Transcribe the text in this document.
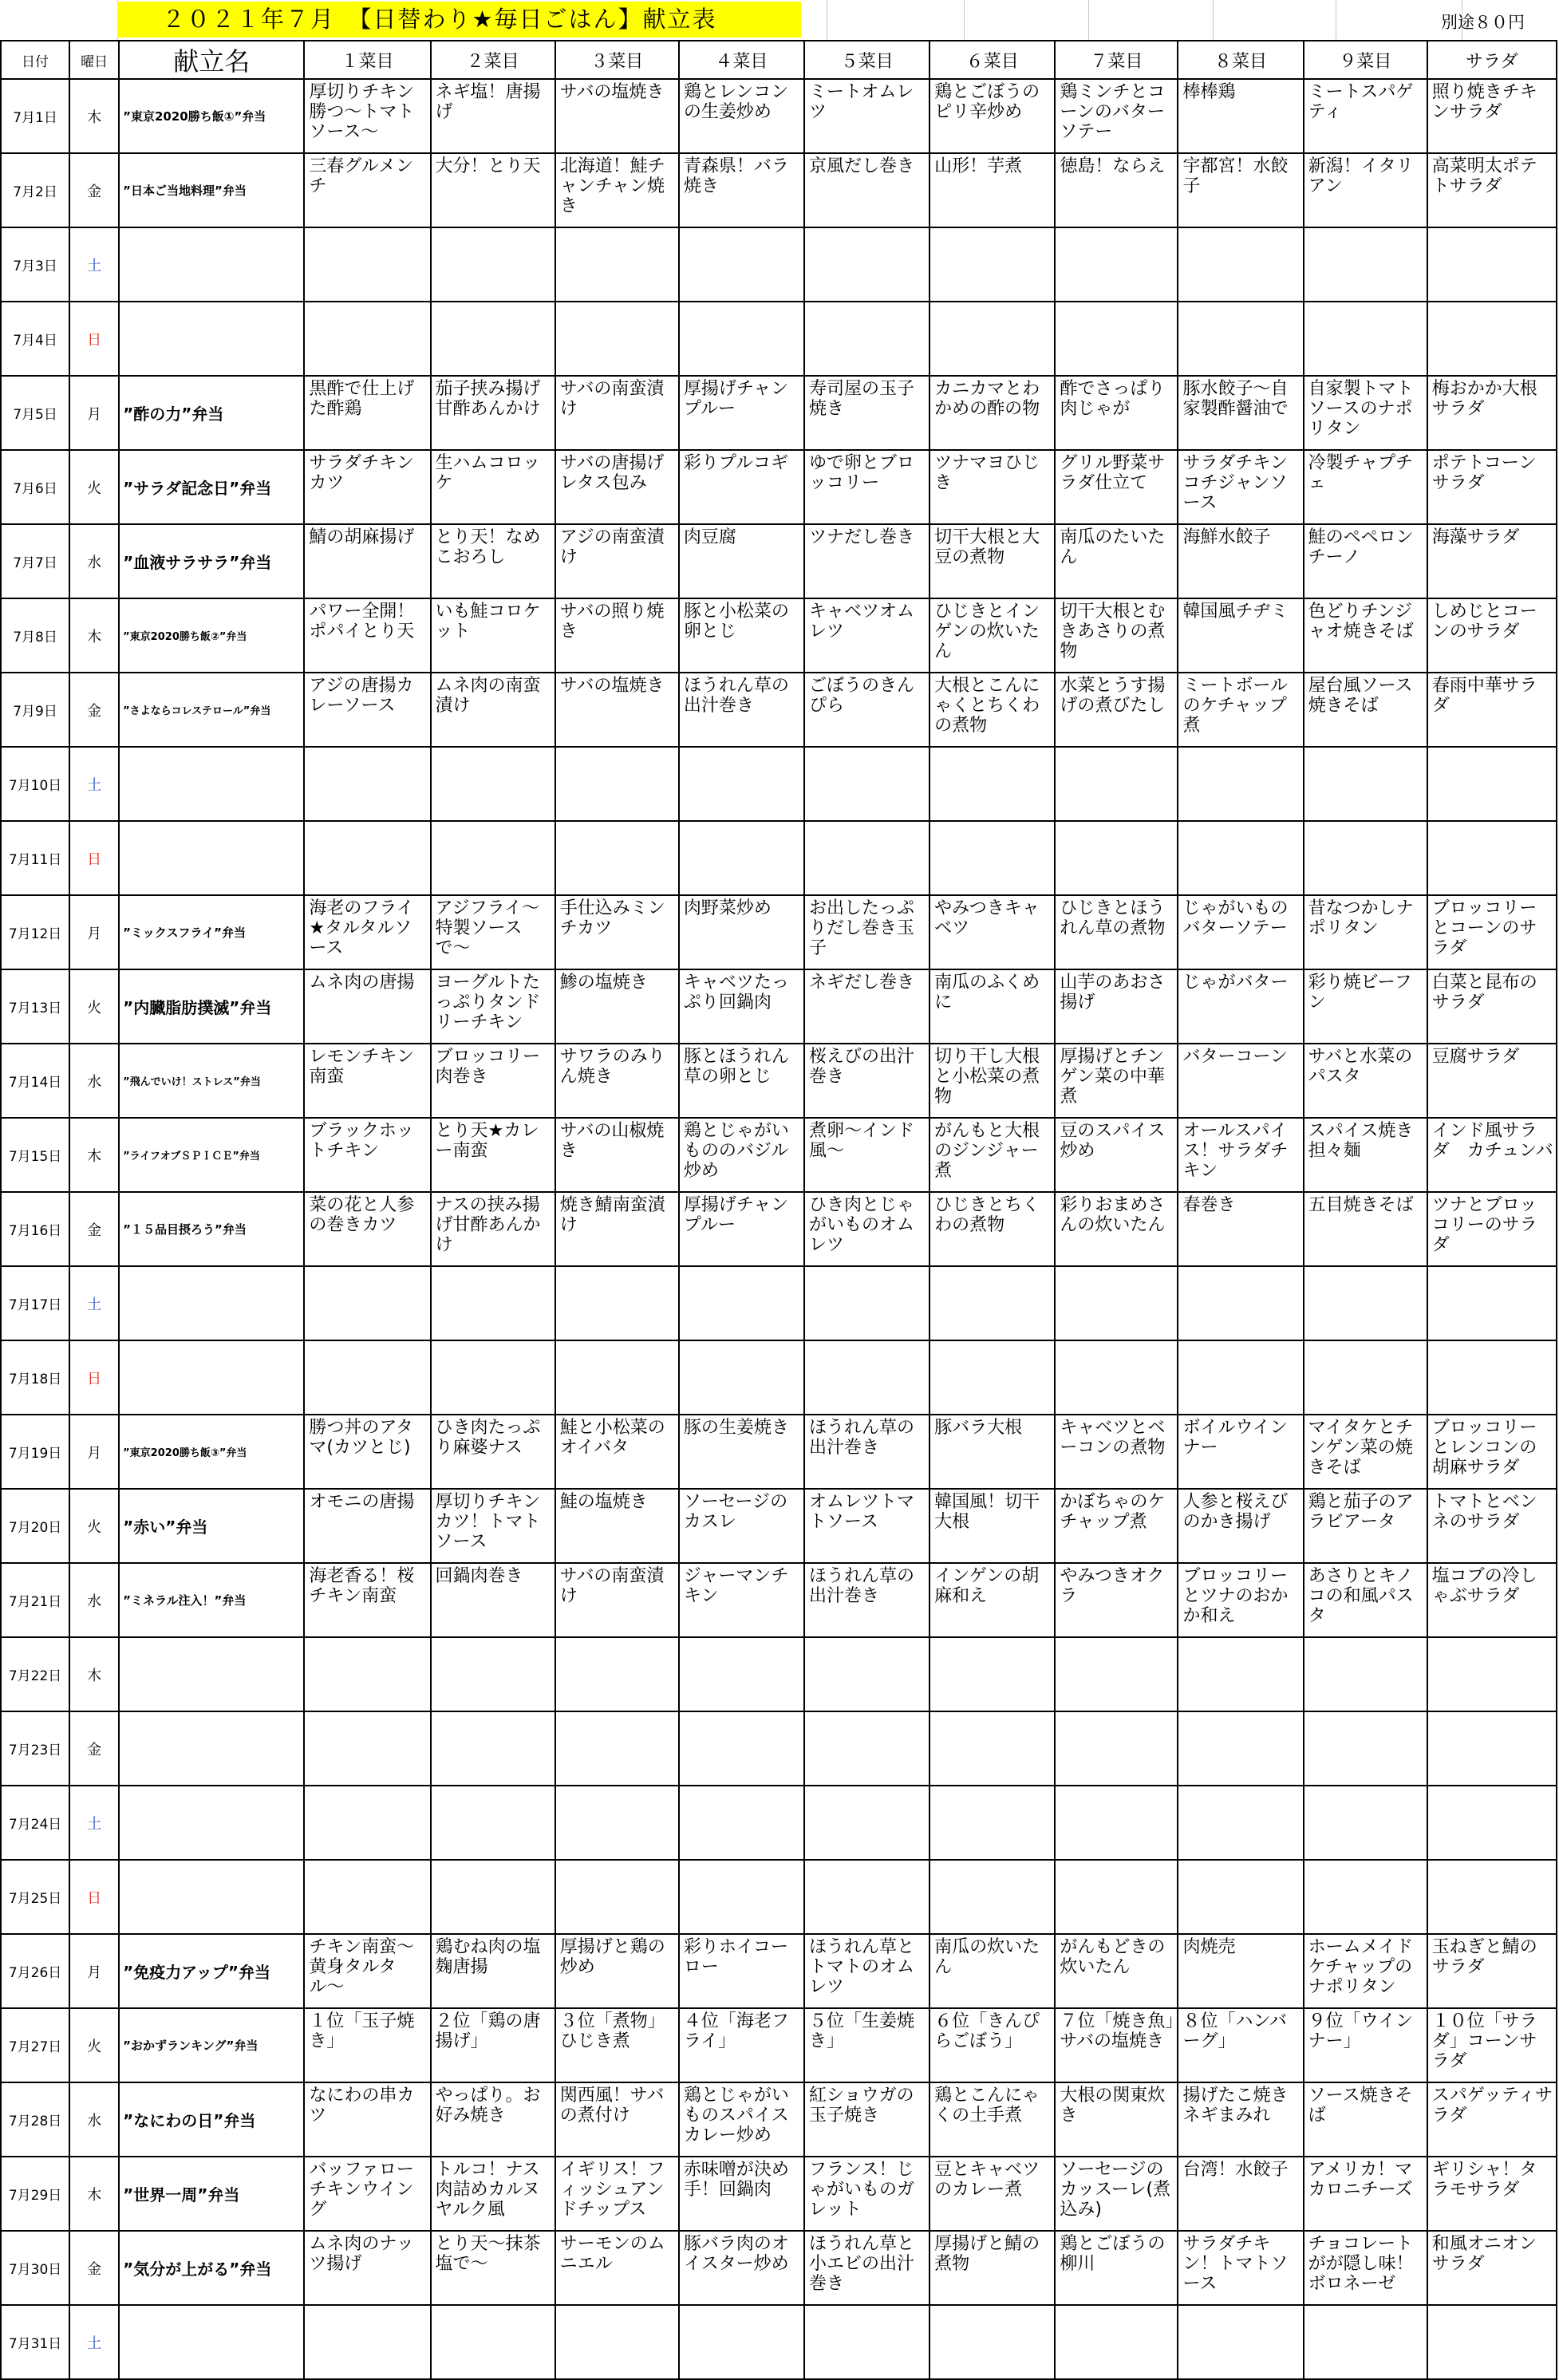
２０２１年７月　【日替わり★毎日ごはん】献立表	別途８０円
日付	曜日	献立名	１菜目	２菜目	３菜目	４菜目	５菜目	６菜目	７菜目	８菜目	９菜目	サラダ
7月1日	木	”東京2020勝ち飯①”弁当	厚切りチキン勝つ〜トマトソース〜	ネギ塩！唐揚げ	サバの塩焼き	鶏とレンコンの生姜炒め	ミートオムレツ	鶏とごぼうのピリ辛炒め	鶏ミンチとコーンのバターソテー	棒棒鶏	ミートスパゲティ	照り焼きチキンサラダ
7月2日	金	”日本ご当地料理”弁当	三春グルメンチ	大分！とり天	北海道！鮭チャンチャン焼き	青森県！バラ焼き	京風だし巻き	山形！芋煮	徳島！ならえ	宇都宮！水餃子	新潟！イタリアン	高菜明太ポテトサラダ
7月3日	土											
7月4日	日											
7月5日	月	”酢の力”弁当	黒酢で仕上げた酢鶏	茄子挟み揚げ甘酢あんかけ	サバの南蛮漬け	厚揚げチャンプルー	寿司屋の玉子焼き	カニカマとわかめの酢の物	酢でさっぱり肉じゃが	豚水餃子〜自家製酢醤油で	自家製トマトソースのナポリタン	梅おかか大根サラダ
7月6日	火	”サラダ記念日”弁当	サラダチキンカツ	生ハムコロッケ	サバの唐揚げレタス包み	彩りプルコギ	ゆで卵とブロッコリー	ツナマヨひじき	グリル野菜サラダ仕立て	サラダチキンコチジャンソース	冷製チャプチェ	ポテトコーンサラダ
7月7日	水	”血液サラサラ”弁当	鯖の胡麻揚げ	とり天！なめこおろし	アジの南蛮漬け	肉豆腐	ツナだし巻き	切干大根と大豆の煮物	南瓜のたいたん	海鮮水餃子	鮭のペペロンチーノ	海藻サラダ
7月8日	木	”東京2020勝ち飯②”弁当	パワー全開！ポパイとり天	いも鮭コロケット	サバの照り焼き	豚と小松菜の卵とじ	キャベツオムレツ	ひじきとインゲンの炊いたん	切干大根とむきあさりの煮物	韓国風チヂミ	色どりチンジャオ焼きそば	しめじとコーンのサラダ
7月9日	金	”さよならコレステロール”弁当	アジの唐揚カレーソース	ムネ肉の南蛮漬け	サバの塩焼き	ほうれん草の出汁巻き	ごぼうのきんぴら	大根とこんにゃくとちくわの煮物	水菜とうす揚げの煮びたし	ミートボールのケチャップ煮	屋台風ソース焼きそば	春雨中華サラダ
7月10日	土											
7月11日	日											
7月12日	月	”ミックスフライ”弁当	海老のフライ★タルタルソース	アジフライ〜特製ソースで〜	手仕込みミンチカツ	肉野菜炒め	お出したっぷりだし巻き玉子	やみつきキャベツ	ひじきとほうれん草の煮物	じゃがいものバターソテー	昔なつかしナポリタン	ブロッコリーとコーンのサラダ
7月13日	火	”内臓脂肪撲滅”弁当	ムネ肉の唐揚	ヨーグルトたっぷりタンドリーチキン	鯵の塩焼き	キャベツたっぷり回鍋肉	ネギだし巻き	南瓜のふくめに	山芋のあおさ揚げ	じゃがバター	彩り焼ビーフン	白菜と昆布のサラダ
7月14日	水	”飛んでいけ！ストレス”弁当	レモンチキン南蛮	ブロッコリー肉巻き	サワラのみりん焼き	豚とほうれん草の卵とじ	桜えびの出汁巻き	切り干し大根と小松菜の煮物	厚揚げとチンゲン菜の中華煮	バターコーン	サバと水菜のパスタ	豆腐サラダ
7月15日	木	”ライフオブＳＰＩＣＥ”弁当	ブラックホットチキン	とり天★カレー南蛮	サバの山椒焼き	鶏とじゃがいもののバジル炒め	煮卵〜インド風〜	がんもと大根のジンジャー煮	豆のスパイス炒め	オールスパイス！サラダチキン	スパイス焼き担々麺	インド風サラダ　カチュンバ
7月16日	金	”１５品目摂ろう”弁当	菜の花と人参の巻きカツ	ナスの挟み揚げ甘酢あんかけ	焼き鯖南蛮漬け	厚揚げチャンプルー	ひき肉とじゃがいものオムレツ	ひじきとちくわの煮物	彩りおまめさんの炊いたん	春巻き	五目焼きそば	ツナとブロッコリーのサラダ
7月17日	土											
7月18日	日											
7月19日	月	”東京2020勝ち飯③”弁当	勝つ丼のアタマ(カツとじ)	ひき肉たっぷり麻婆ナス	鮭と小松菜のオイバタ	豚の生姜焼き	ほうれん草の出汁巻き	豚バラ大根	キャベツとベーコンの煮物	ボイルウインナー	マイタケとチンゲン菜の焼きそば	ブロッコリーとレンコンの胡麻サラダ
7月20日	火	”赤い”弁当	オモニの唐揚	厚切りチキンカツ！トマトソース	鮭の塩焼き	ソーセージのカスレ	オムレツトマトソース	韓国風！切干大根	かぼちゃのケチャップ煮	人参と桜えびのかき揚げ	鶏と茄子のアラビアータ	トマトとベンネのサラダ
7月21日	水	”ミネラル注入！”弁当	海老香る！桜チキン南蛮	回鍋肉巻き	サバの南蛮漬け	ジャーマンチキン	ほうれん草の出汁巻き	インゲンの胡麻和え	やみつきオクラ	ブロッコリーとツナのおかか和え	あさりとキノコの和風パスタ	塩コブの冷しゃぶサラダ
7月22日	木											
7月23日	金											
7月24日	土											
7月25日	日											
7月26日	月	”免疫力アップ”弁当	チキン南蛮〜黄身タルタル〜	鶏むね肉の塩麹唐揚	厚揚げと鶏の炒め	彩りホイコーロー	ほうれん草とトマトのオムレツ	南瓜の炊いたん	がんもどきの炊いたん	肉焼売	ホームメイドケチャップのナポリタン	玉ねぎと鯖のサラダ
7月27日	火	”おかずランキング”弁当	１位「玉子焼き」	２位「鶏の唐揚げ」	３位「煮物」ひじき煮	４位「海老フライ」	５位「生姜焼き」	６位「きんぴらごぼう」	７位「焼き魚」サバの塩焼き	８位「ハンバーグ」	９位「ウインナー」	１０位「サラダ」コーンサラダ
7月28日	水	”なにわの日”弁当	なにわの串カツ	やっぱり。お好み焼き	関西風！サバの煮付け	鶏とじゃがいものスパイスカレー炒め	紅ショウガの玉子焼き	鶏とこんにゃくの土手煮	大根の関東炊き	揚げたこ焼きネギまみれ	ソース焼きそば	スパゲッティサラダ
7月29日	木	”世界一周”弁当	バッファローチキンウイング	トルコ！ナス肉詰めカルヌヤルク風	イギリス！フィッシュアンドチップス	赤味噌が決め手！回鍋肉	フランス！じゃがいものガレット	豆とキャベツのカレー煮	ソーセージのカッスーレ(煮込み)	台湾！水餃子	アメリカ！マカロニチーズ	ギリシャ！タラモサラダ
7月30日	金	”気分が上がる”弁当	ムネ肉のナッツ揚げ	とり天〜抹茶塩で〜	サーモンのムニエル	豚バラ肉のオイスター炒め	ほうれん草と小エビの出汁巻き	厚揚げと鯖の煮物	鶏とごぼうの柳川	サラダチキン！トマトソース	チョコレートがが隠し味！ボロネーゼ	和風オニオンサラダ
7月31日	土											
